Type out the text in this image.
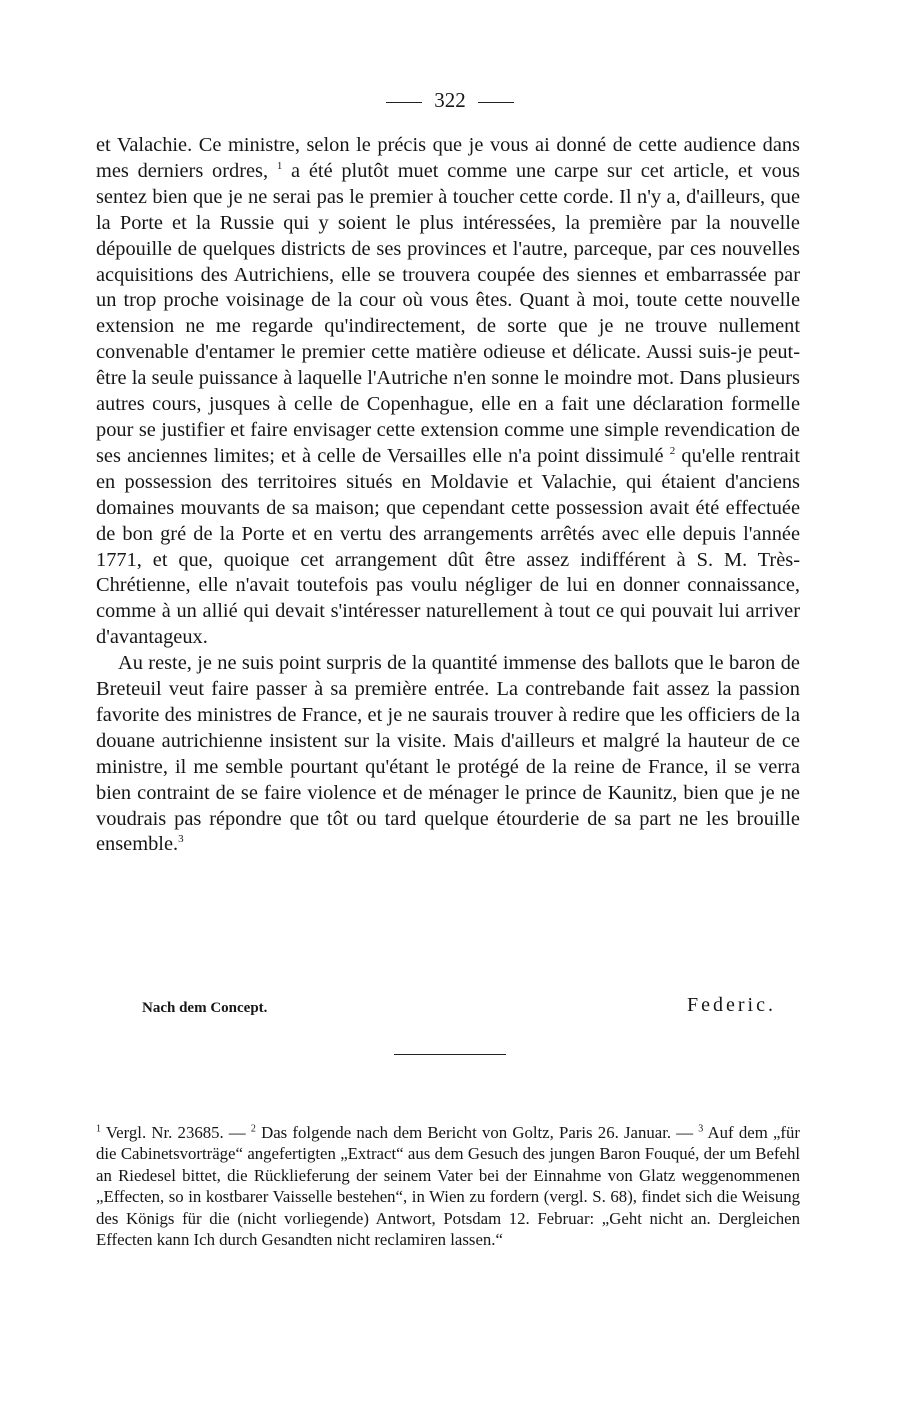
322

et Valachie. Ce ministre, selon le précis que je vous ai donné de cette audience dans mes derniers ordres, $^1$ a été plutôt muet comme une carpe sur cet article, et vous sentez bien que je ne serai pas le premier à toucher cette corde. Il n'y a, d'ailleurs, que la Porte et la Russie qui y soient le plus intéressées, la première par la nouvelle dépouille de quelques districts de ses provinces et l'autre, parceque, par ces nouvelles acquisitions des Autrichiens, elle se trouvera coupée des siennes et embarrassée par un trop proche voisinage de la cour où vous êtes. Quant à moi, toute cette nouvelle extension ne me regarde qu'indirectement, de sorte que je ne trouve nullement convenable d'entamer le premier cette matière odieuse et délicate. Aussi suis-je peut-être la seule puissance à laquelle l'Autriche n'en sonne le moindre mot. Dans plusieurs autres cours, jusques à celle de Copenhague, elle en a fait une déclaration formelle pour se justifier et faire envisager cette extension comme une simple revendication de ses anciennes limites; et à celle de Versailles elle n'a point dissimulé $^2$ qu'elle rentrait en possession des territoires situés en Moldavie et Valachie, qui étaient d'anciens domaines mouvants de sa maison; que cependant cette possession avait été effectuée de bon gré de la Porte et en vertu des arrangements arrêtés avec elle depuis l'année 1771, et que, quoique cet arrangement dût être assez indifférent à S. M. Très-Chrétienne, elle n'avait toutefois pas voulu négliger de lui en donner connaissance, comme à un allié qui devait s'intéresser naturellement à tout ce qui pouvait lui arriver d'avantageux.

Au reste, je ne suis point surpris de la quantité immense des ballots que le baron de Breteuil veut faire passer à sa première entrée. La contrebande fait assez la passion favorite des ministres de France, et je ne saurais trouver à redire que les officiers de la douane autrichienne insistent sur la visite. Mais d'ailleurs et malgré la hauteur de ce ministre, il me semble pourtant qu'étant le protégé de la reine de France, il se verra bien contraint de se faire violence et de ménager le prince de Kaunitz, bien que je ne voudrais pas répondre que tôt ou tard quelque étourderie de sa part ne les brouille ensemble.$^3$

Nach dem Concept.	Federic.

$^1$ Vergl. Nr. 23685. — $^2$ Das folgende nach dem Bericht von Goltz, Paris 26. Januar. — $^3$ Auf dem „für die Cabinetsvorträge“ angefertigten „Extract“ aus dem Gesuch des jungen Baron Fouqué, der um Befehl an Riedesel bittet, die Rücklieferung der seinem Vater bei der Einnahme von Glatz weggenommenen „Effecten, so in kostbarer Vaisselle bestehen“, in Wien zu fordern (vergl. S. 68), findet sich die Weisung des Königs für die (nicht vorliegende) Antwort, Potsdam 12. Februar: „Geht nicht an. Dergleichen Effecten kann Ich durch Gesandten nicht reclamiren lassen.“
